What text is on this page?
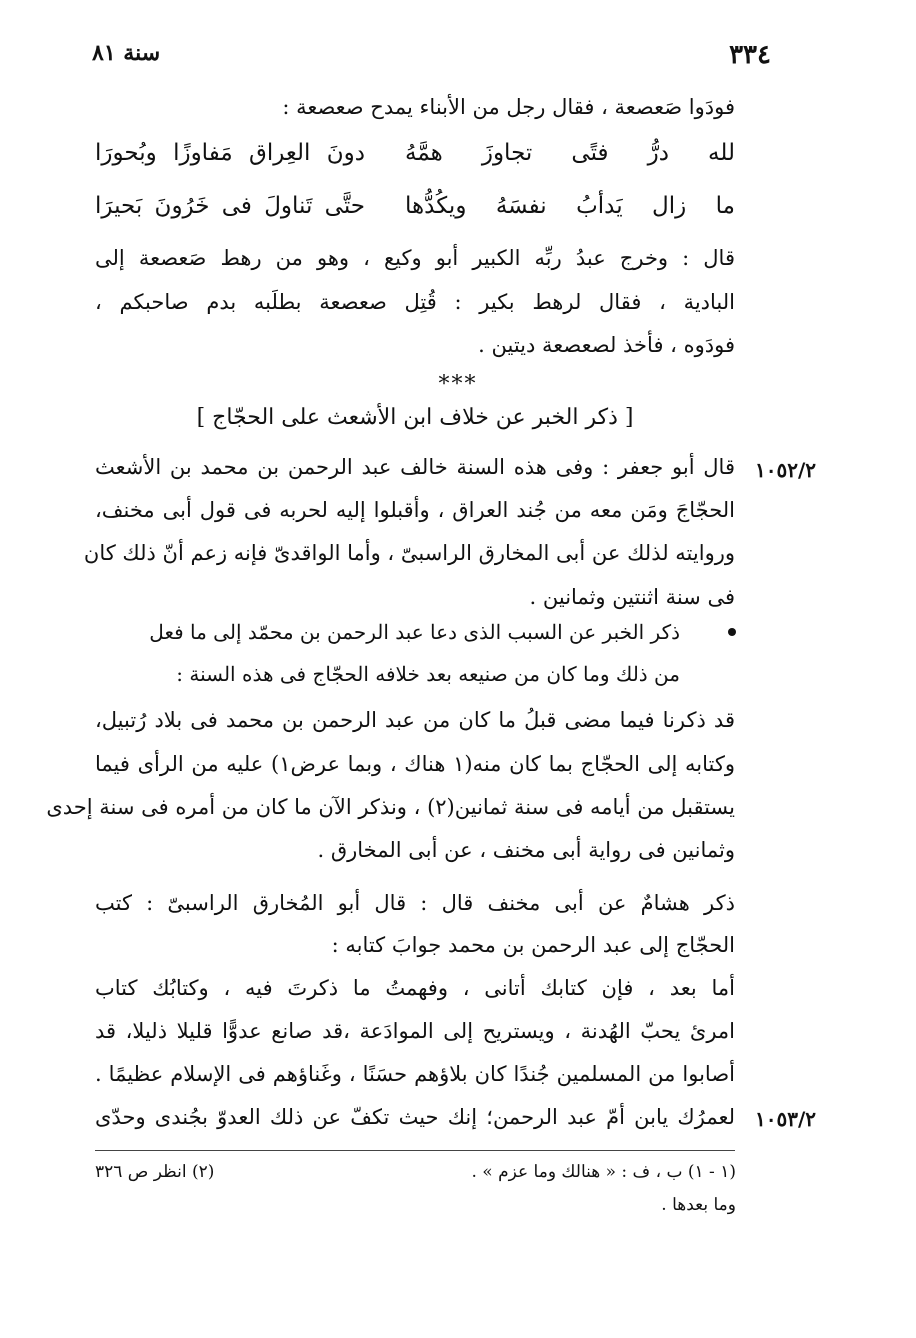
٣٣٤
سنة ٨١
فودَوا صَعصعة ، فقال رجل من الأبناء يمدح صعصعة :
لله درُّ فتًى تجاوزَ همَّهُ
دونَ العِراق مَفاوزًا وبُحورَا
ما زال يَدأبُ نفسَهُ ويكُدُّها
حتَّى تَناولَ فى خَرُونَ بَحيرَا
قال : وخرج عبدُ ربِّه الكبير أبو وكيع ، وهو من رهط صَعصعة إلى
البادية ، فقال لرهط بكير : قُتِل صعصعة بطلَبه بدم صاحبكم ،
فودَوه ، فأخذ لصعصعة ديتين .
***
[ ذكر الخبر عن خلاف ابن الأشعث على الحجّاج ]
١٠٥٢/٢
قال أبو جعفر : وفى هذه السنة خالف عبد الرحمن بن محمد بن الأشعث
الحجّاجَ ومَن معه من جُند العراق ، وأقبلوا إليه لحربه فى قول أبى مخنف،
وروايته لذلك عن أبى المخارق الراسبىّ ، وأما الواقدىّ فإنه زعم أنّ ذلك كان
فى سنة اثنتين وثمانين .
ذكر الخبر عن السبب الذى دعا عبد الرحمن بن محمّد إلى ما فعل
من ذلك وما كان من صنيعه بعد خلافه الحجّاج فى هذه السنة :
قد ذكرنا فيما مضى قبلُ ما كان من عبد الرحمن بن محمد فى بلاد رُتبيل،
وكتابه إلى الحجّاج بما كان منه(١ هناك ، وبما عرض١) عليه من الرأى فيما
يستقبل من أيامه فى سنة ثمانين(٢) ، ونذكر الآن ما كان من أمره فى سنة إحدى
وثمانين فى رواية أبى مخنف ، عن أبى المخارق .
ذكر هشامٌ عن أبى مخنف قال : قال أبو المُخارق الراسبىّ : كتب
الحجّاج إلى عبد الرحمن بن محمد جوابَ كتابه :
أما بعد ، فإن كتابك أتانى ، وفهمتُ ما ذكرتَ فيه ، وكتابُك كتاب
امرئ يحبّ الهُدنة ، ويستريح إلى الموادَعة ،قد صانع عدوًّا قليلا ذليلا، قد
أصابوا من المسلمين جُندًا كان بلاؤهم حسَنًا ، وغَناؤهم فى الإسلام عظيمًا .
لعمرُك يابن أمّ عبد الرحمن؛ إنك حيث تكفّ عن ذلك العدوّ بجُندى وحدّى ١٠٥٣/٢
(١ - ١) ب ، ف : « هنالك وما عزم » .
(٢) انظر ص ٣٢٦
وما بعدها .
